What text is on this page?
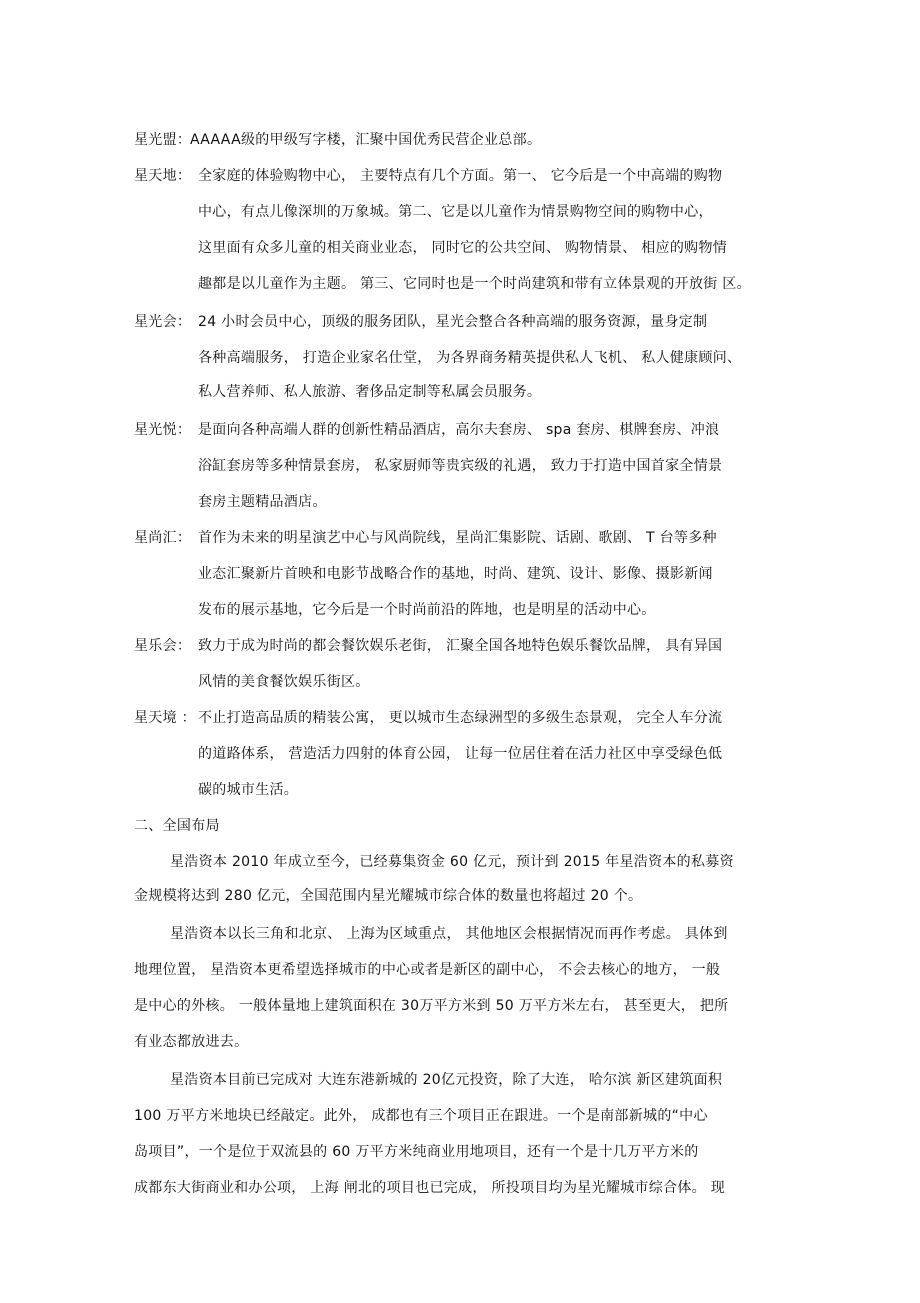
星光盟：
AAAAA级的甲级写字楼，汇聚中国优秀民营企业总部。
星天地： 全家庭的体验购物中心， 主要特点有几个方面。第一、 它今后是一个中高端的购物
中心，有点儿像深圳的万象城。第二、它是以儿童作为情景购物空间的购物中心，
这里面有众多儿童的相关商业业态， 同时它的公共空间、 购物情景、 相应的购物情
趣都是以儿童作为主题。 第三、它同时也是一个时尚建筑和带有立体景观的开放街 区。
星光会： 24 小时会员中心，顶级的服务团队，星光会整合各种高端的服务资源，量身定制
各种高端服务， 打造企业家名仕堂， 为各界商务精英提供私人飞机、 私人健康顾问、
私人营养师、私人旅游、奢侈品定制等私属会员服务。
星光悦： 是面向各种高端人群的创新性精品酒店，高尔夫套房、 spa 套房、棋牌套房、冲浪
浴缸套房等多种情景套房， 私家厨师等贵宾级的礼遇， 致力于打造中国首家全情景
套房主题精品酒店。
星尚汇： 首作为未来的明星演艺中心与风尚院线，星尚汇集影院、话剧、歌剧、 T 台等多种
业态汇聚新片首映和电影节战略合作的基地，时尚、建筑、设计、影像、摄影新闻
发布的展示基地，它今后是一个时尚前沿的阵地，也是明星的活动中心。
星乐会： 致力于成为时尚的都会餐饮娱乐老街， 汇聚全国各地特色娱乐餐饮品牌， 具有异国
风情的美食餐饮娱乐街区。
星天境 ： 不止打造高品质的精装公寓， 更以城市生态绿洲型的多级生态景观， 完全人车分流
的道路体系， 营造活力四射的体育公园， 让每一位居住着在活力社区中享受绿色低
碳的城市生活。
二、全国布局
星浩资本 2010 年成立至今，已经募集资金 60 亿元，预计到 2015 年星浩资本的私募资
金规模将达到 280 亿元，全国范围内星光耀城市综合体的数量也将超过 20 个。
星浩资本以长三角和北京、 上海为区域重点， 其他地区会根据情况而再作考虑。 具体到
地理位置， 星浩资本更希望选择城市的中心或者是新区的副中心， 不会去核心的地方， 一般
是中心的外核。 一般体量地上建筑面积在 30万平方米到 50 万平方米左右， 甚至更大， 把所
有业态都放进去。
星浩资本目前已完成对 大连东港新城的 20亿元投资，除了大连， 哈尔滨 新区建筑面积
100 万平方米地块已经敲定。此外， 成都也有三个项目正在跟进。一个是南部新城的“中心
岛项目”，一个是位于双流县的 60 万平方米纯商业用地项目，还有一个是十几万平方米的
成都东大街商业和办公项， 上海 闸北的项目也已完成， 所投项目均为星光耀城市综合体。 现
